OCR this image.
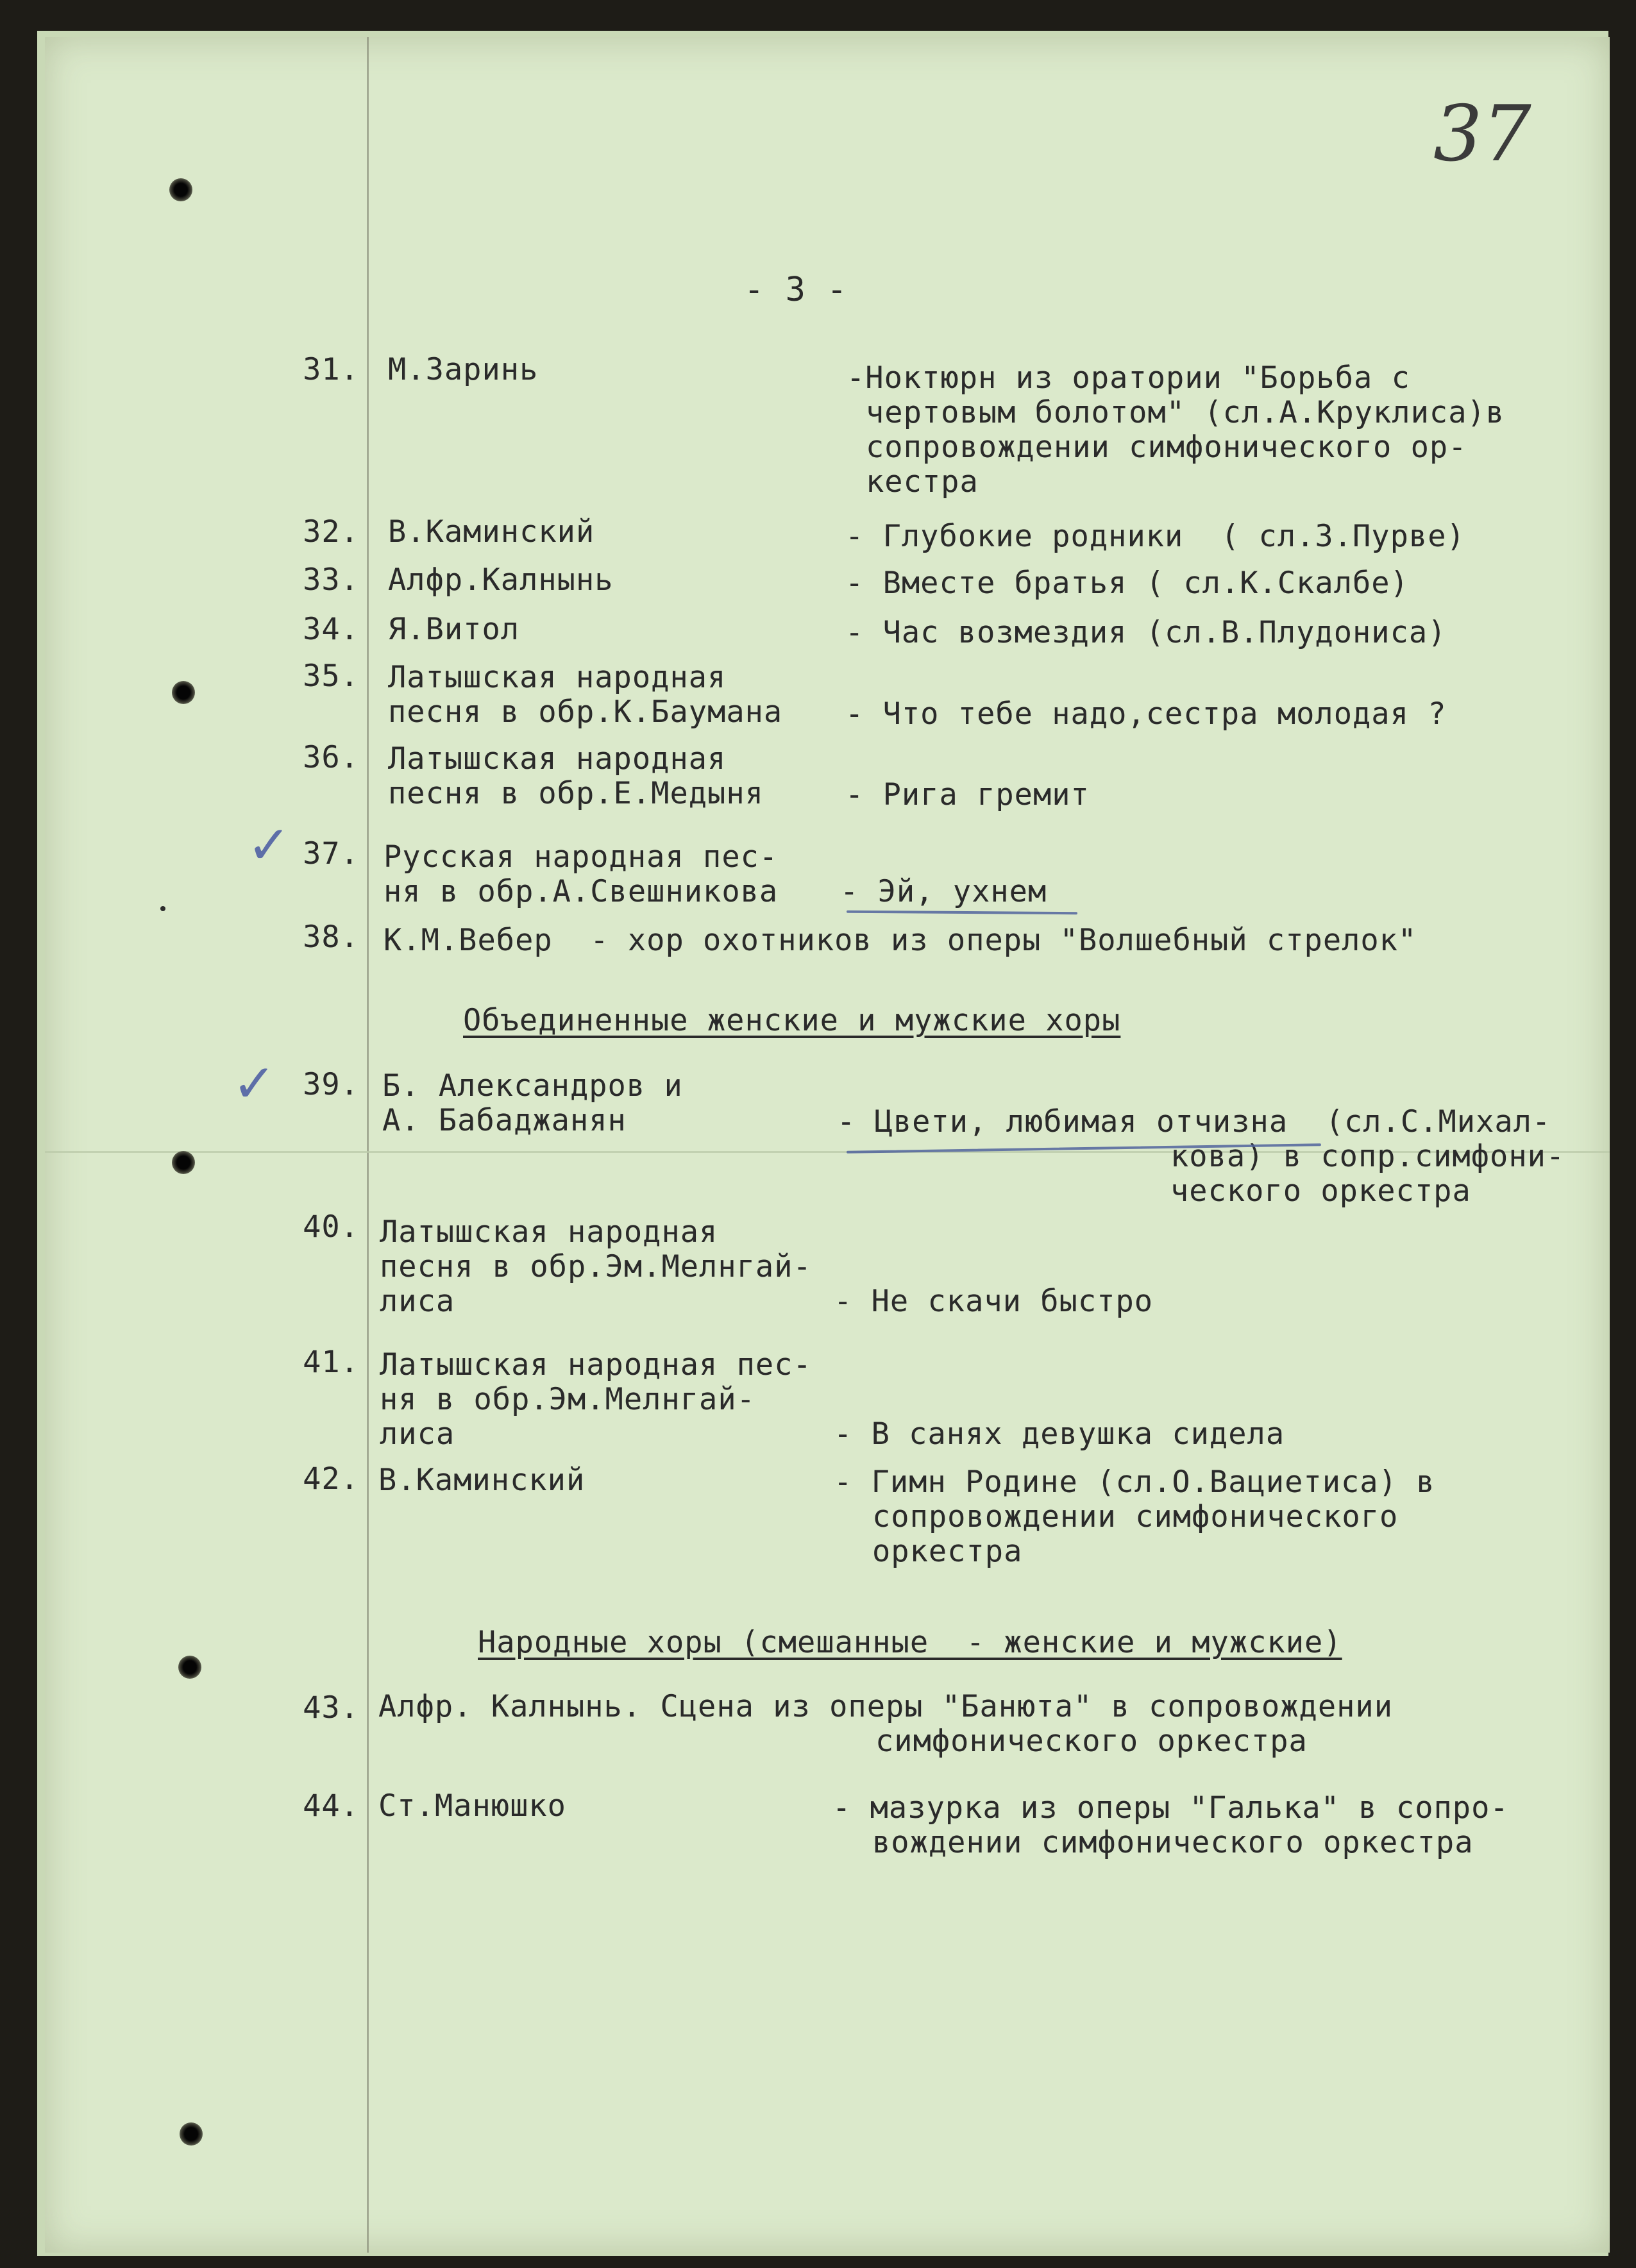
37
- 3 -
31. М.Заринь	-Ноктюрн из оратории "Борьба с
чертовым болотом" (сл.А.Круклиса)в
сопровождении симфонического ор-
кестра
32. В.Каминский	- Глубокие родники  ( сл.З.Пурве)
33. Алфр.Калнынь	- Вместе братья ( сл.К.Скалбе)
34. Я.Витол	- Час возмездия (сл.В.Плудониса)
35. Латышская народная
песня в обр.К.Баумана - Что тебе надо,сестра молодая ?
36. Латышская народная
песня в обр.Е.Медыня	- Рига гремит
✓ 37. Русская народная пес-
ня в обр.А.Свешникова - Эй, ухнем
38. К.М.Вебер  - хор охотников из оперы "Волшебный стрелок"
Объединенные женские и мужские хоры
✓ 39. Б. Александров и
А. Бабаджанян	- Цвети, любимая отчизна  (сл.С.Михал-
кова) в сопр.симфони-
ческого оркестра
40. Латышская народная
песня в обр.Эм.Мелнгай-
лиса	- Не скачи быстро
41. Латышская народная пес-
ня в обр.Эм.Мелнгай-
лиса	- В санях девушка сидела
42. В.Каминский	- Гимн Родине (сл.О.Вациетиса) в
сопровождении симфонического
оркестра
Народные хоры (смешанные  - женские и мужские)
43. Алфр. Калнынь. Сцена из оперы "Банюта" в сопровождении
симфонического оркестра
44. Ст.Манюшко	- мазурка из оперы "Галька" в сопро-
вождении симфонического оркестра
